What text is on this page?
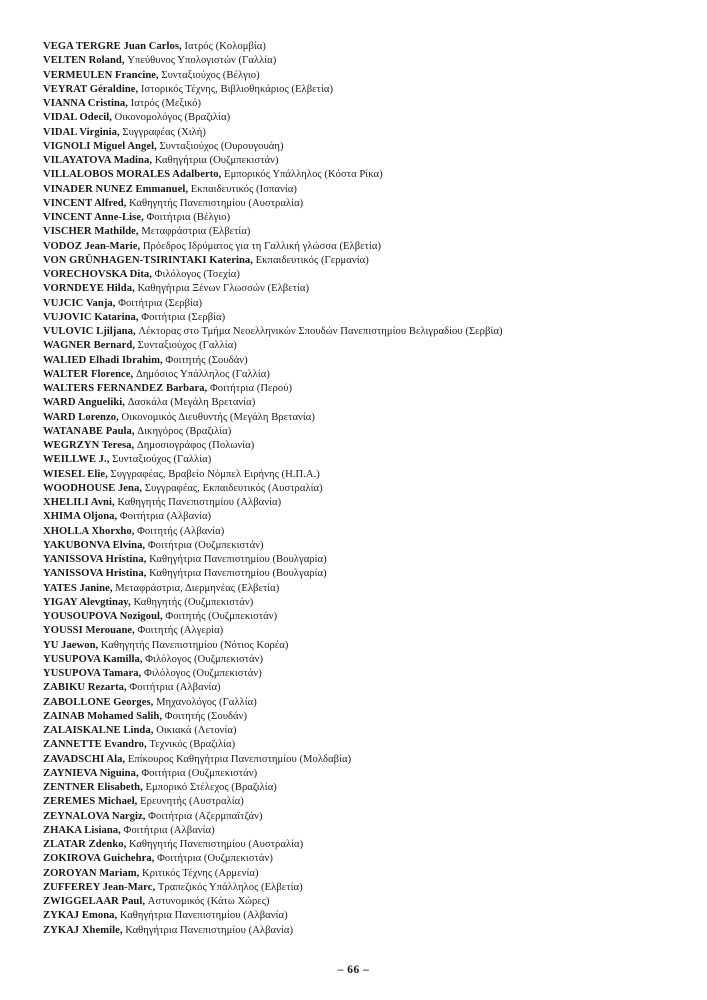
VEGA TERGRE Juan Carlos, Ιατρός (Κολομβία)
VELTEN Roland, Υπεύθυνος Υπολογιστών (Γαλλία)
VERMEULEN Francine, Συνταξιούχος (Βέλγιο)
VEYRAT Géraldine, Ιστορικός Τέχνης, Βιβλιοθηκάριος (Ελβετία)
VIANNA Cristina, Ιατρός (Μεξικό)
VIDAL Odecil, Οικονομολόγος (Βραζιλία)
VIDAL Virginia, Συγγραφέας (Χιλή)
VIGNOLI Miguel Angel, Συνταξιούχος (Ουρουγουάη)
VILAYATOVA Madina, Καθηγήτρια (Ουζμπεκιστάν)
VILLALOBOS MORALES Adalberto, Εμπορικός Υπάλληλος (Κόστα Ρίκα)
VINADER NUNEZ Emmanuel, Εκπαιδευτικός (Ισπανία)
VINCENT Alfred, Καθηγητής Πανεπιστημίου (Αυστραλία)
VINCENT Anne-Lise, Φοιτήτρια (Βέλγιο)
VISCHER Mathilde, Μεταφράστρια (Ελβετία)
VODOZ Jean-Marie, Πρόεδρος Ιδρύματος για τη Γαλλική γλώσσα (Ελβετία)
VON GRÜNHAGEN-TSIRINTAKI Katerina, Εκπαιδευτικός (Γερμανία)
VORECHOVSKA Dita, Φιλόλογος (Τσεχία)
VORNDEYE Hilda, Καθηγήτρια Ξένων Γλωσσών (Ελβετία)
VUJCIC Vanja, Φοιτήτρια (Σερβία)
VUJOVIC Katarina, Φοιτήτρια (Σερβία)
VULOVIC Ljiljana, Λέκτορας στο Τμήμα Νεοελληνικών Σπουδών Πανεπιστημίου Βελιγραδίου (Σερβία)
WAGNER Bernard, Συνταξιούχος (Γαλλία)
WALIED Elhadi Ibrahim, Φοιτητής (Σουδάν)
WALTER Florence, Δημόσιος Υπάλληλος (Γαλλία)
WALTERS FERNANDEZ Barbara, Φοιτήτρια (Περού)
WARD Angueliki, Δασκάλα (Μεγάλη Βρετανία)
WARD Lorenzo, Οικονομικός Διευθυντής (Μεγάλη Βρετανία)
WATANABE Paula, Δικηγόρος (Βραζιλία)
WEGRZYN Teresa, Δημοσιογράφος (Πολωνία)
WEILLWE J., Συνταξιούχος (Γαλλία)
WIESEL Elie, Συγγραφέας, Βραβείο Νόμπελ Ειρήνης (Η.Π.Α.)
WOODHOUSE Jena, Συγγραφέας, Εκπαιδευτικός (Αυστραλία)
XHELILI Avni, Καθηγητής Πανεπιστημίου (Αλβανία)
XHIMA Oljona, Φοιτήτρια (Αλβανία)
XHOLLA Xhorxho, Φοιτητής (Αλβανία)
YAKUBONVA Elvina, Φοιτήτρια (Ουζμπεκιστάν)
YANISSOVA Hristina, Καθηγήτρια Πανεπιστημίου (Βουλγαρία)
YANISSOVA Hristina, Καθηγήτρια Πανεπιστημίου (Βουλγαρία)
YATES Janine, Μεταφράστρια, Διερμηνέας (Ελβετία)
YIGAY Alevgtinay, Καθηγητής (Ουζμπεκιστάν)
YOUSOUPOVA Nozigoul, Φοιτητής (Ουζμπεκιστάν)
YOUSSI Merouane, Φοιτητής (Αλγερία)
YU Jaewon, Καθηγητής Πανεπιστημίου (Νότιος Κορέα)
YUSUPOVA Kamilla, Φιλόλογος (Ουζμπεκιστάν)
YUSUPOVA Tamara, Φιλόλογος (Ουζμπεκιστάν)
ZABIKU Rezarta, Φοιτήτρια (Αλβανία)
ZABOLLONE Georges, Μηχανολόγος (Γαλλία)
ZAINAB Mohamed Salih, Φοιτητής (Σουδάν)
ZALAISKALNE Linda, Οικιακά (Λετονία)
ZANNETTE Evandro, Τεχνικός (Βραζιλία)
ZAVADSCHI Ala, Επίκουρος Καθηγήτρια Πανεπιστημίου (Μολδαβία)
ZAYNIEVA Niguina, Φοιτήτρια (Ουζμπεκιστάν)
ZENTNER Elisabeth, Εμπορικό Στέλεχος (Βραζιλία)
ZEREMES Michael, Ερευνητής (Αυστραλία)
ZEYNALOVA Nargiz, Φοιτήτρια (Αζερμπαϊτζάν)
ZHAKA Lisiana, Φοιτήτρια (Αλβανία)
ZLATAR Zdenko, Καθηγητής Πανεπιστημίου (Αυστραλία)
ZOKIROVA Guichehra, Φοιτήτρια (Ουζμπεκιστάν)
ZOROYAN Mariam, Κριτικός Τέχνης (Αρμενία)
ZUFFEREY Jean-Marc, Τραπεζικός Υπάλληλος (Ελβετία)
ZWIGGELAAR Paul, Αστυνομικός (Κάτω Χώρες)
ZYKAJ Emona, Καθηγήτρια Πανεπιστημίου (Αλβανία)
ZYKAJ Xhemile, Καθηγήτρια Πανεπιστημίου (Αλβανία)
– 66 –
